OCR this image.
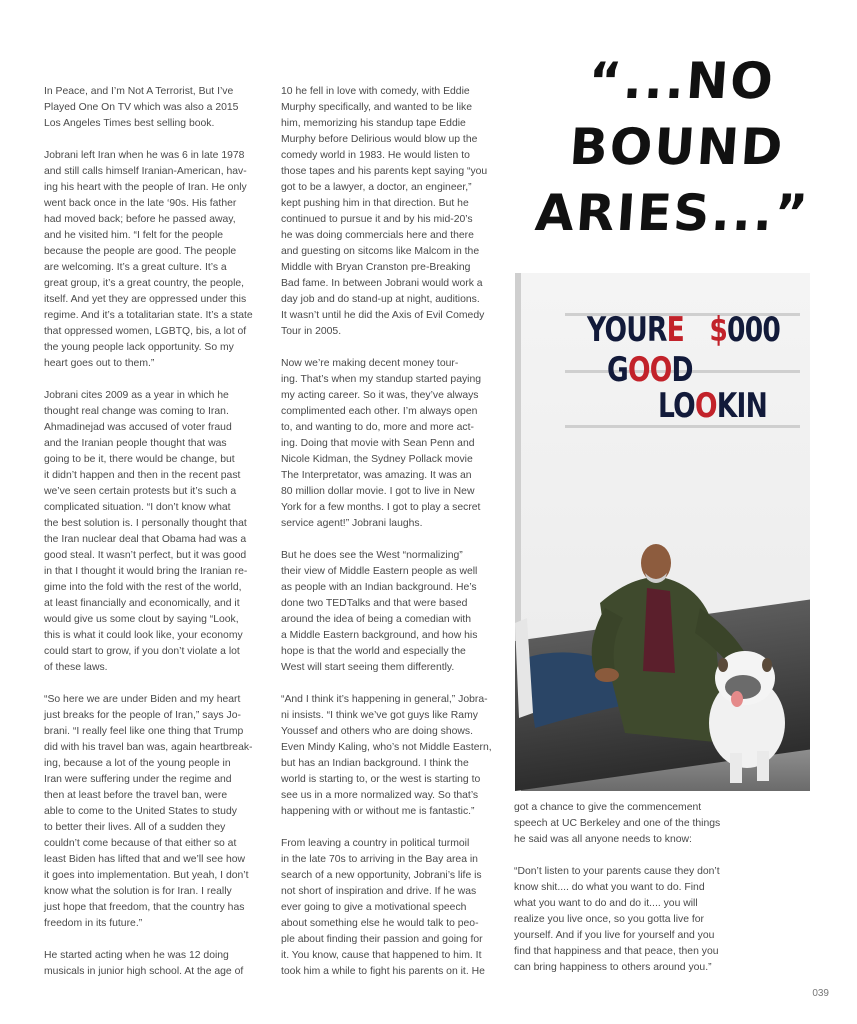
In Peace, and I’m Not A Terrorist, But I’ve
Played One On TV which was also a 2015
Los Angeles Times best selling book.

Jobrani left Iran when he was 6 in late 1978
and still calls himself Iranian-American, hav-
ing his heart with the people of Iran. He only
went back once in the late ‘90s. His father
had moved back; before he passed away,
and he visited him. “I felt for the people
because the people are good. The people
are welcoming. It’s a great culture. It’s a
great group, it’s a great country, the people,
itself. And yet they are oppressed under this
regime. And it’s a totalitarian state. It’s a state
that oppressed women, LGBTQ, bis, a lot of
the young people lack opportunity. So my
heart goes out to them.”

Jobrani cites 2009 as a year in which he
thought real change was coming to Iran.
Ahmadinejad was accused of voter fraud
and the Iranian people thought that was
going to be it, there would be change, but
it didn’t happen and then in the recent past
we’ve seen certain protests but it’s such a
complicated situation. “I don’t know what
the best solution is. I personally thought that
the Iran nuclear deal that Obama had was a
good steal. It wasn’t perfect, but it was good
in that I thought it would bring the Iranian re-
gime into the fold with the rest of the world,
at least financially and economically, and it
would give us some clout by saying “Look,
this is what it could look like, your economy
could start to grow, if you don’t violate a lot
of these laws.

“So here we are under Biden and my heart
just breaks for the people of Iran,” says Jo-
brani. “I really feel like one thing that Trump
did with his travel ban was, again heartbreak-
ing, because a lot of the young people in
Iran were suffering under the regime and
then at least before the travel ban, were
able to come to the United States to study
to better their lives. All of a sudden they
couldn’t come because of that either so at
least Biden has lifted that and we’ll see how
it goes into implementation. But yeah, I don’t
know what the solution is for Iran. I really
just hope that freedom, that the country has
freedom in its future.”

He started acting when he was 12 doing
musicals in junior high school. At the age of

10 he fell in love with comedy, with Eddie
Murphy specifically, and wanted to be like
him, memorizing his standup tape Eddie
Murphy before Delirious would blow up the
comedy world in 1983. He would listen to
those tapes and his parents kept saying “you
got to be a lawyer, a doctor, an engineer,”
kept pushing him in that direction. But he
continued to pursue it and by his mid-20’s
he was doing commercials here and there
and guesting on sitcoms like Malcom in the
Middle with Bryan Cranston pre-Breaking
Bad fame. In between Jobrani would work a
day job and do stand-up at night, auditions.
It wasn’t until he did the Axis of Evil Comedy
Tour in 2005.

Now we’re making decent money tour-
ing. That’s when my standup started paying
my acting career. So it was, they’ve always
complimented each other. I’m always open
to, and wanting to do, more and more act-
ing. Doing that movie with Sean Penn and
Nicole Kidman, the Sydney Pollack movie
The Interpretator, was amazing. It was an
80 million dollar movie. I got to live in New
York for a few months. I got to play a secret
service agent!” Jobrani laughs.

But he does see the West “normalizing”
their view of Middle Eastern people as well
as people with an Indian background. He’s
done two TEDTalks and that were based
around the idea of being a comedian with
a Middle Eastern background, and how his
hope is that the world and especially the
West will start seeing them differently.

“And I think it’s happening in general,” Jobra-
ni insists. “I think we’ve got guys like Ramy
Youssef and others who are doing shows.
Even Mindy Kaling, who’s not Middle Eastern,
but has an Indian background. I think the
world is starting to, or the west is starting to
see us in a more normalized way. So that’s
happening with or without me is fantastic.”

From leaving a country in political turmoil
in the late 70s to arriving in the Bay area in
search of a new opportunity, Jobrani’s life is
not short of inspiration and drive. If he was
ever going to give a motivational speech
about something else he would talk to peo-
ple about finding their passion and going for
it. You know, cause that happened to him. It
took him a while to fight his parents on it. He

“...NO
BOUND
ARIES...”
YOURE $000
GOOD
LOOKIN

got a chance to give the commencement
speech at UC Berkeley and one of the things
he said was all anyone needs to know:

“Don’t listen to your parents cause they don’t
know shit.... do what you want to do. Find
what you want to do and do it.... you will
realize you live once, so you gotta live for
yourself. And if you live for yourself and you
find that happiness and that peace, then you
can bring happiness to others around you.”

039
